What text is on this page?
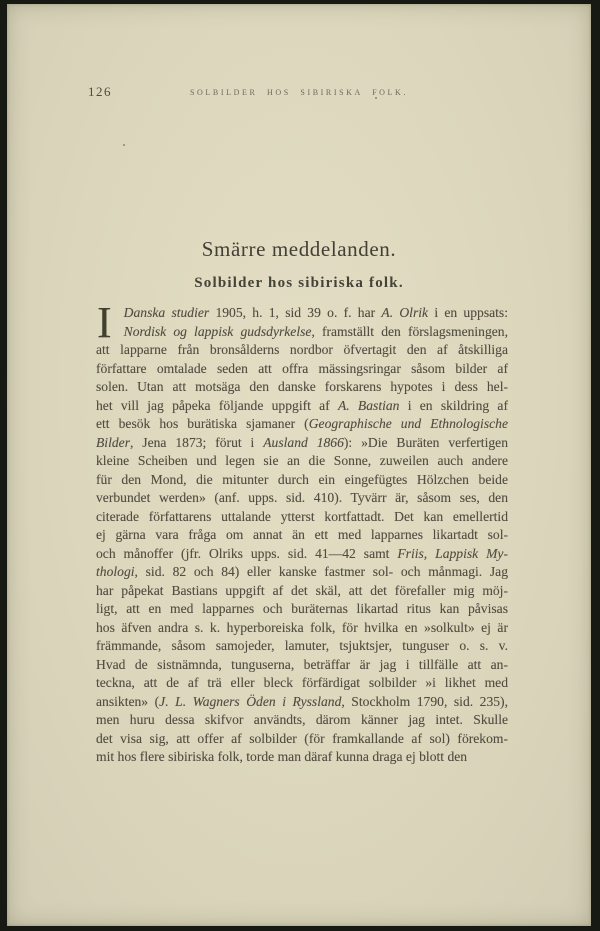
126	SOLBILDER HOS SIBIRISKA FOLK.
Smärre meddelanden.
Solbilder hos sibiriska folk.
I Danska studier 1905, h. 1, sid 39 o. f. har A. Olrik i en uppsats:
Nordisk og lappisk gudsdyrkelse, framställt den förslagsmeningen,
att lapparne från bronsålderns nordbor öfvertagit den af åtskilliga
författare omtalade seden att offra mässingsringar såsom bilder af
solen. Utan att motsäga den danske forskarens hypotes i dess hel-
het vill jag påpeka följande uppgift af A. Bastian i en skildring af
ett besök hos burätiska sjamaner (Geographische und Ethnologische
Bilder, Jena 1873; förut i Ausland 1866): »Die Buräten verfertigen
kleine Scheiben und legen sie an die Sonne, zuweilen auch andere
für den Mond, die mitunter durch ein eingefügtes Hölzchen beide
verbundet werden» (anf. upps. sid. 410). Tyvärr är, såsom ses, den
citerade författarens uttalande ytterst kortfattadt. Det kan emellertid
ej gärna vara fråga om annat än ett med lapparnes likartadt sol-
och månoffer (jfr. Olriks upps. sid. 41—42 samt Friis, Lappisk My-
thologi, sid. 82 och 84) eller kanske fastmer sol- och månmagi. Jag
har påpekat Bastians uppgift af det skäl, att det förefaller mig möj-
ligt, att en med lapparnes och buräternas likartad ritus kan påvisas
hos äfven andra s. k. hyperboreiska folk, för hvilka en »solkult» ej är
främmande, såsom samojeder, lamuter, tsjuktsjer, tunguser o. s. v.
Hvad de sistnämnda, tunguserna, beträffar är jag i tillfälle att an-
teckna, att de af trä eller bleck förfärdigat solbilder »i likhet med
ansikten» (J. L. Wagners Öden i Ryssland, Stockholm 1790, sid. 235),
men huru dessa skifvor användts, därom känner jag intet. Skulle
det visa sig, att offer af solbilder (för framkallande af sol) förekom-
mit hos flere sibiriska folk, torde man däraf kunna draga ej blott den
